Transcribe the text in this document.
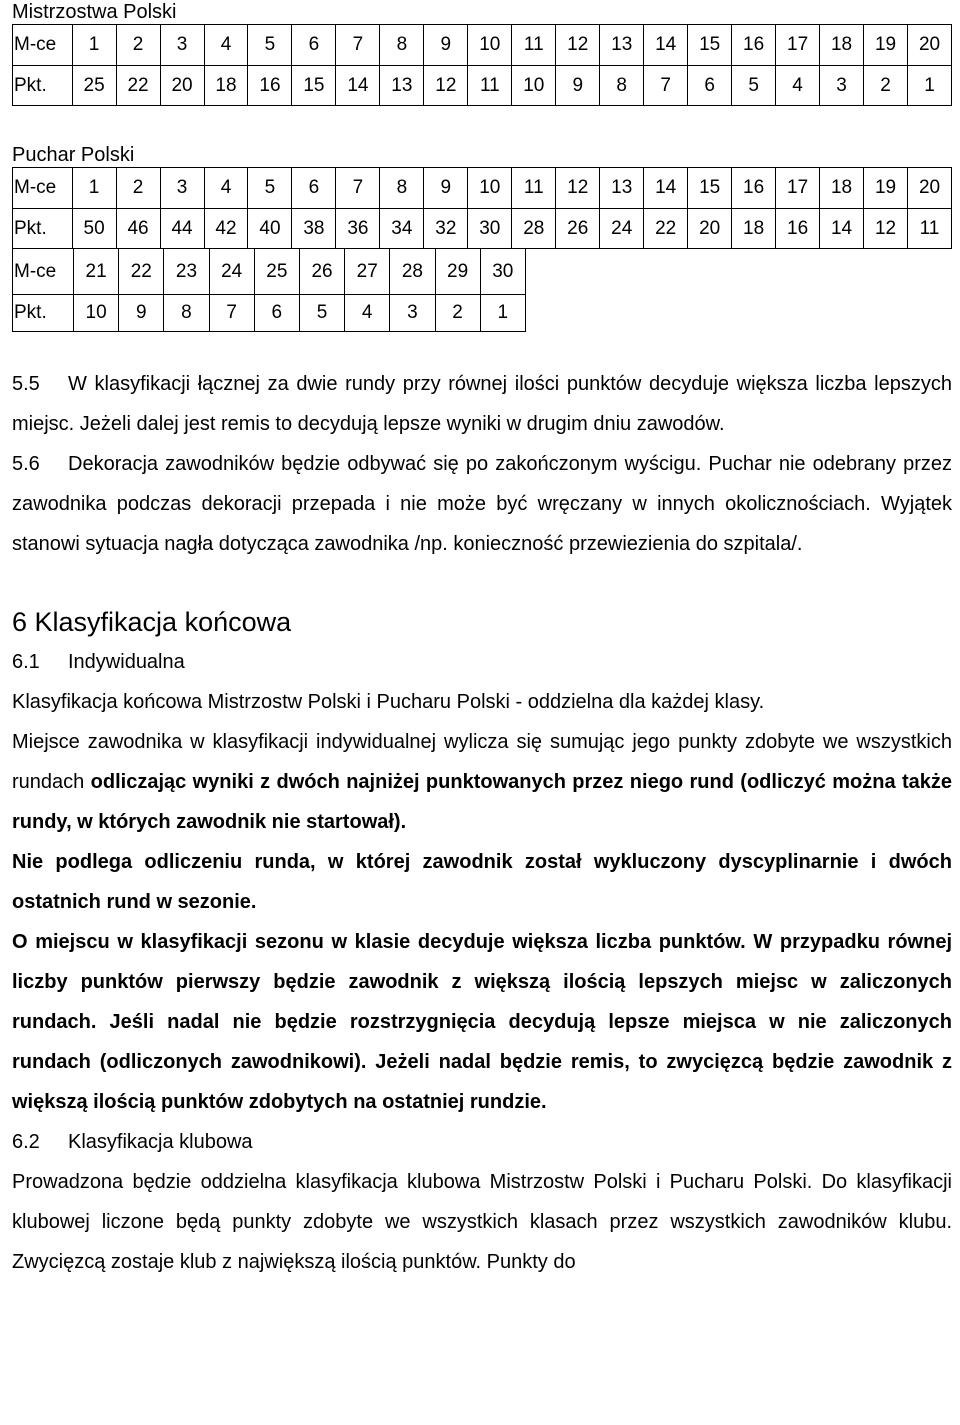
Mistrzostwa Polski

M-ce	1	2	3	4	5	6	7	8	9	10	11	12	13	14	15	16	17	18	19	20
Pkt.	25	22	20	18	16	15	14	13	12	11	10	9	8	7	6	5	4	3	2	1

Puchar Polski

M-ce	1	2	3	4	5	6	7	8	9	10	11	12	13	14	15	16	17	18	19	20
Pkt.	50	46	44	42	40	38	36	34	32	30	28	26	24	22	20	18	16	14	12	11
M-ce	21	22	23	24	25	26	27	28	29	30
Pkt.	10	9	8	7	6	5	4	3	2	1

5.5 W klasyfikacji łącznej za dwie rundy przy równej ilości punktów decyduje większa liczba lepszych miejsc. Jeżeli dalej jest remis to decydują lepsze wyniki w drugim dniu zawodów.

5.6 Dekoracja zawodników będzie odbywać się po zakończonym wyścigu. Puchar nie odebrany przez zawodnika podczas dekoracji przepada i nie może być wręczany w innych okolicznościach. Wyjątek stanowi sytuacja nagła dotycząca zawodnika /np. konieczność przewiezienia do szpitala/.

6 Klasyfikacja końcowa

6.1 Indywidualna

Klasyfikacja końcowa Mistrzostw Polski i Pucharu Polski - oddzielna dla każdej klasy.

Miejsce zawodnika w klasyfikacji indywidualnej wylicza się sumując jego punkty zdobyte we wszystkich rundach odliczając wyniki z dwóch najniżej punktowanych przez niego rund (odliczyć można także rundy, w których zawodnik nie startował).

Nie podlega odliczeniu runda, w której zawodnik został wykluczony dyscyplinarnie i dwóch ostatnich rund w sezonie.

O miejscu w klasyfikacji sezonu w klasie decyduje większa liczba punktów. W przypadku równej liczby punktów pierwszy będzie zawodnik z większą ilością lepszych miejsc w zaliczonych rundach. Jeśli nadal nie będzie rozstrzygnięcia decydują lepsze miejsca w nie zaliczonych rundach (odliczonych zawodnikowi). Jeżeli nadal będzie remis, to zwycięzcą będzie zawodnik z większą ilością punktów zdobytych na ostatniej rundzie.

6.2 Klasyfikacja klubowa

Prowadzona będzie oddzielna klasyfikacja klubowa Mistrzostw Polski i Pucharu Polski. Do klasyfikacji klubowej liczone będą punkty zdobyte we wszystkich klasach przez wszystkich zawodników klubu. Zwycięzcą zostaje klub z największą ilością punktów. Punkty do
